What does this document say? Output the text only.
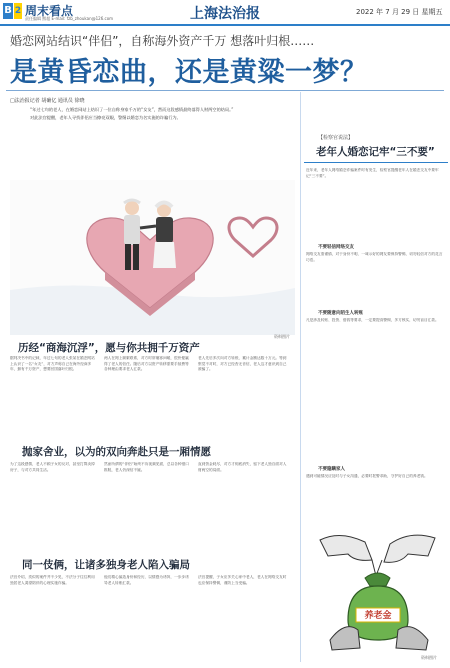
B 2 周末看点
责任编辑 熊超 E-mail: fzb_zhoukan@126.com	上海法治报	2022 年 7 月 29 日 星期五
婚恋网站结识“伴侣”，自称海外资产千万 想落叶归根……
是黄昏恋曲，还是黄粱一梦？
□法治报记者 胡确亿 通讯员 徐晓

“年过七旬的老人，在婚恋网站上结识了一位自称身家千万的“女友”，然而这段感情最终落得人财两空的结局。”

对此法官提醒，老年人寻找伴侣应当擦亮双眼，警惕以婚恋为名实施的诈骗行为。

资料图片
历经“商海沉浮”，愿与你共拥千万资产
据判决书中的记载，年过七旬的老人张某在婚恋网站上认识了一名“女友”，对方声称自己在海外经商多年，拥有千万资产，想要回国落叶归根。
两人在网上频繁联系，对方时常嘘寒问暖，很快便赢得了老人的信任。随后对方以资产转移需要手续费等各种理由要求老人汇款。
老人先后多次向对方转账，累计金额达数十万元。等到察觉不对时，对方已经杳无音信，老人这才意识到自己被骗了。
抛家舍业，以为的双向奔赴只是一厢情愿
为了这段感情，老人不顾子女的反对，甚至打算卖掉房子，与对方共同生活。
然而所谓的“伴侣”始终不肯视频见面，总以各种借口推脱，老人仍深信不疑。
直到资金耗尽，对方才彻底消失，留下老人独自面对人财两空的局面。
同一伎俩，让诸多独身老人陷入骗局
法官介绍，类似的案件并不少见，不法分子往往利用独居老人渴望陪伴的心理实施诈骗。
他们精心编造身份和经历，以情感为诱饵，一步步诱导老人转账汇款。
法官提醒，子女应多关心家中老人，老人在网络交友时也应保持警惕，谨防上当受骗。
【检察官说法】
老年人婚恋记牢“三不要”
近年来，老年人网络婚恋诈骗案件时有发生，检察官提醒老年人在婚恋交友中要牢记“三不要”。
不要轻信网络交友
网络交友需谨慎，对于身份不明、一味示好的网友要保持警惕，切勿轻信对方的花言巧语。
不要随意向陌生人转账
凡是涉及转账、投资、借钱等要求，一定要提高警惕，多方核实，切勿盲目汇款。
不要隐瞒家人
遇到可疑情况应及时与子女沟通，必要时报警求助，守护好自己的养老钱。
养老金
资料图片
